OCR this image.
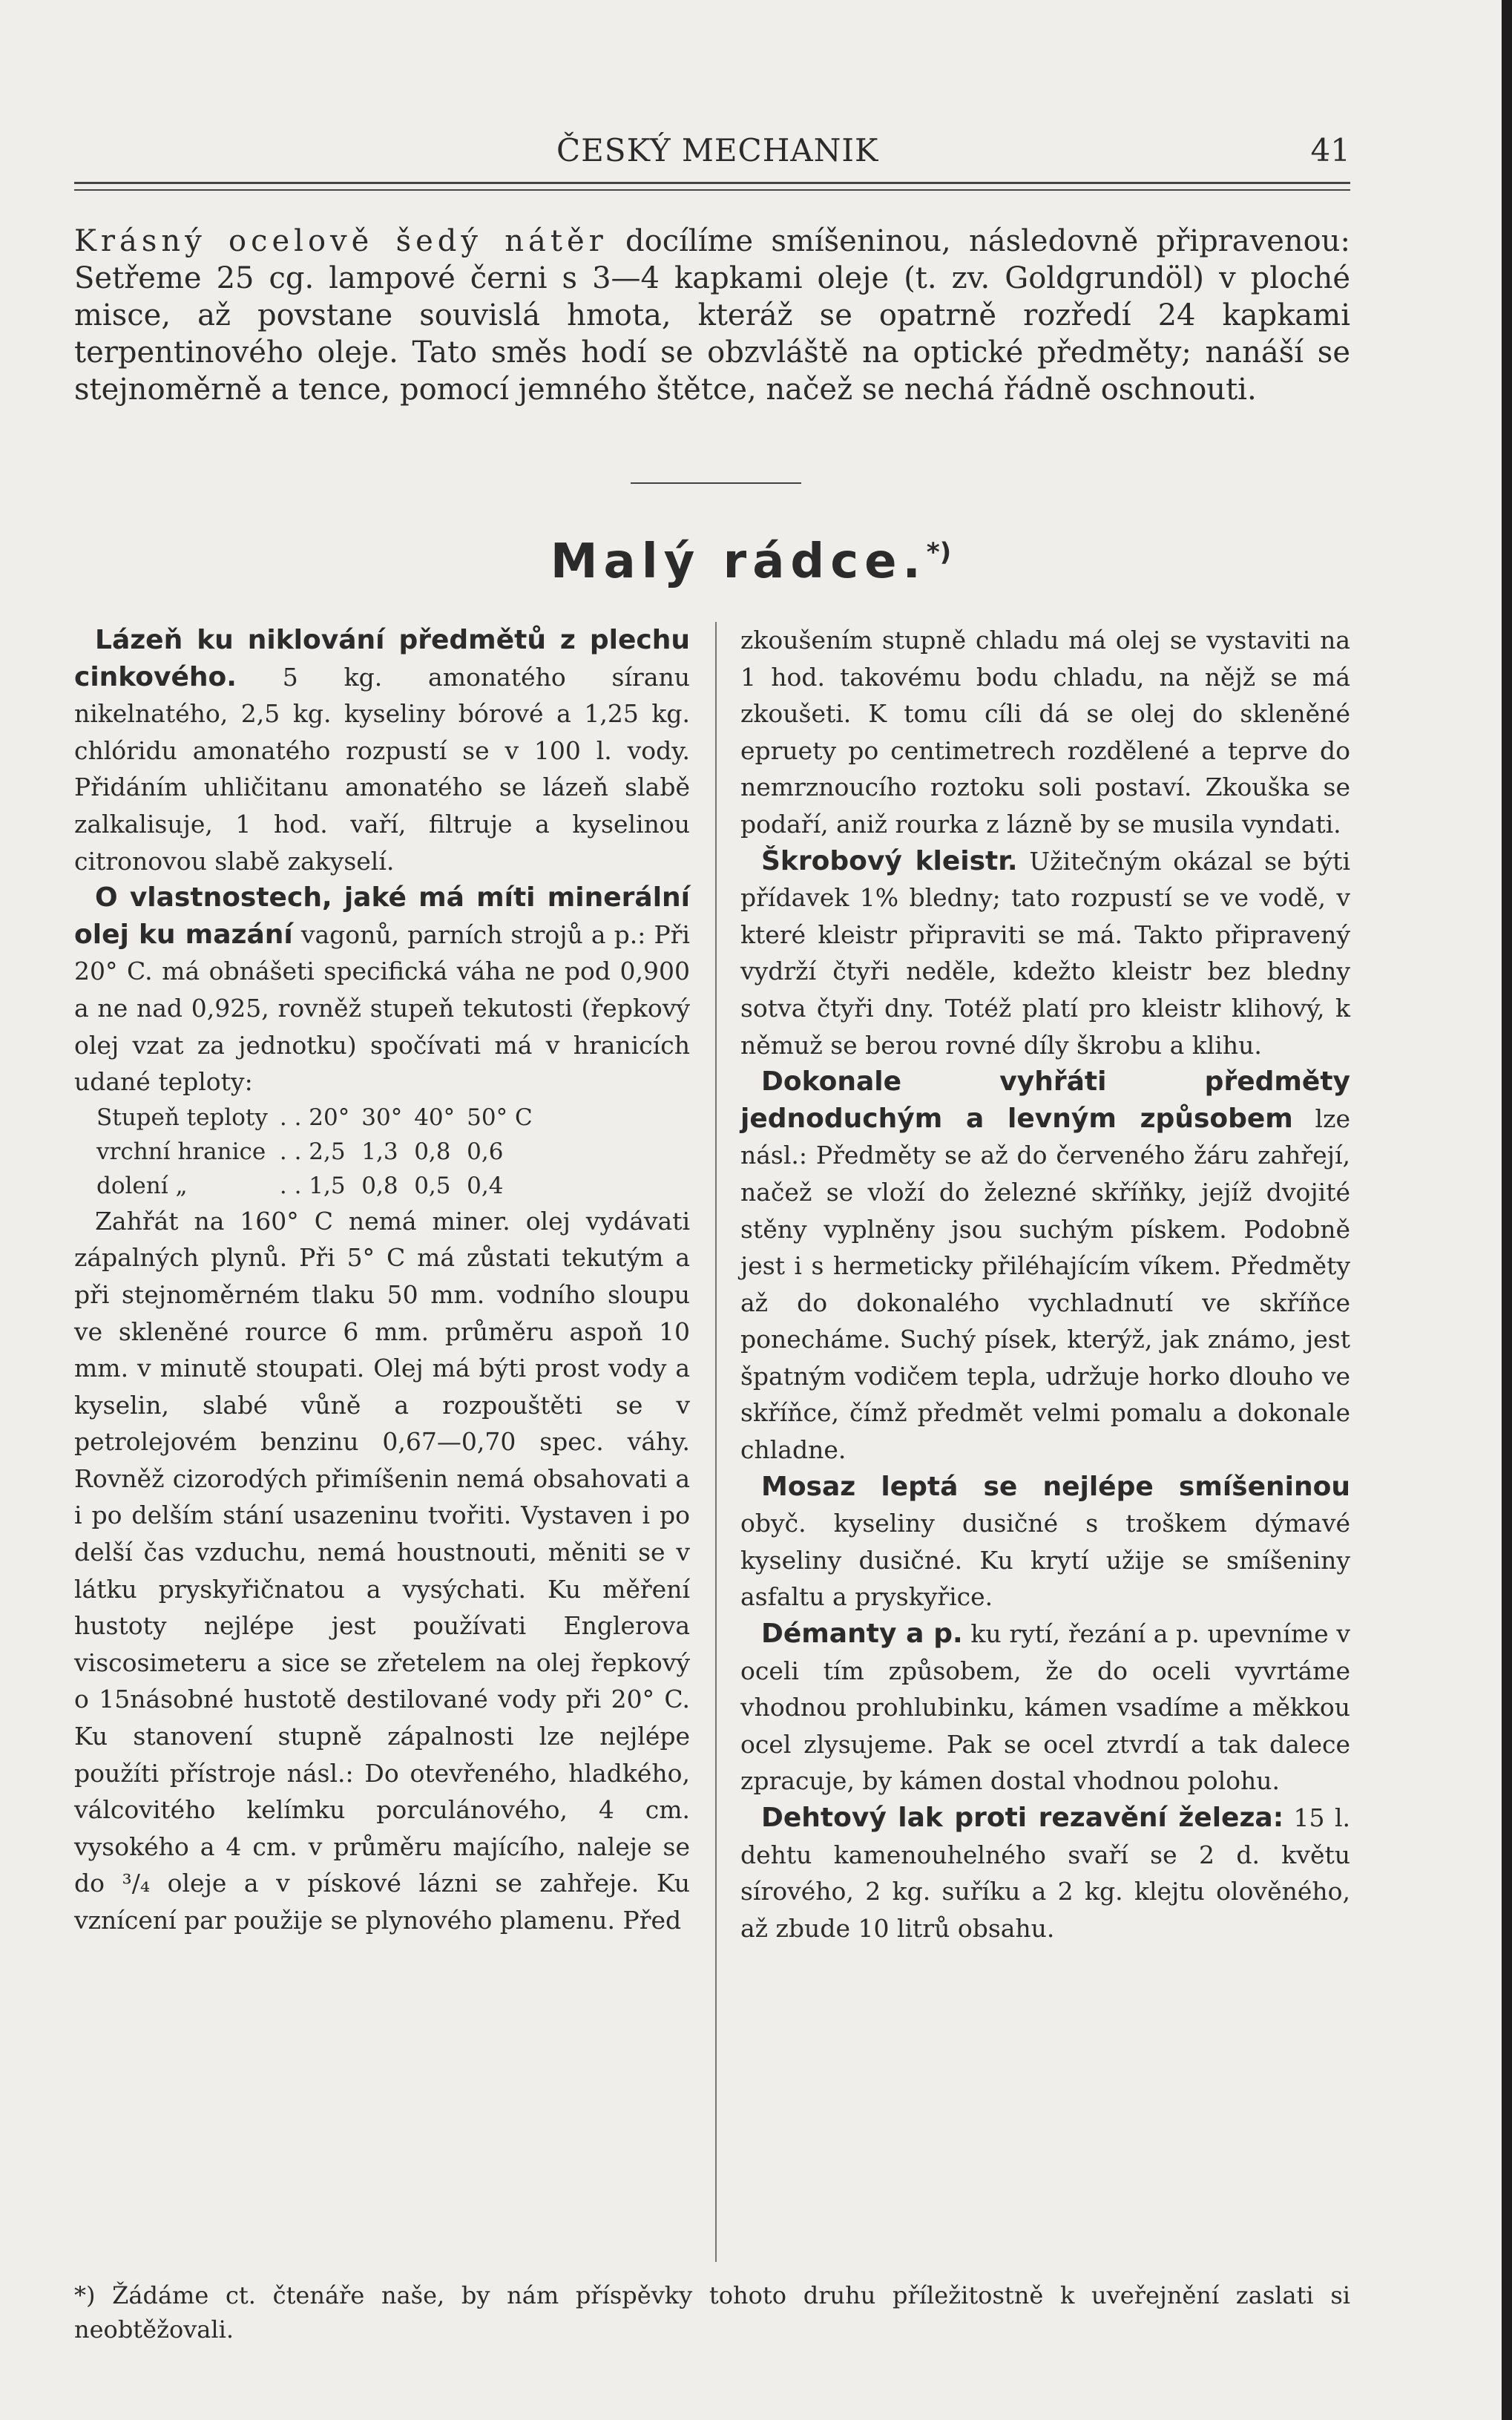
ČESKÝ MECHANIK	41
Krásný ocelově šedý nátěr docílíme smíšeninou, následovně připravenou: Setřeme 25 cg. lampové černi s 3—4 kapkami oleje (t. zv. Goldgrundöl) v ploché misce, až povstane souvislá hmota, kteráž se opatrně rozředí 24 kapkami terpentinového oleje. Tato směs hodí se obzvláště na optické předměty; nanáší se stejnoměrně a tence, pomocí jemného štětce, načež se nechá řádně oschnouti.
Malý rádce.*)

Lázeň ku niklování předmětů z plechu cinkového. 5 kg. amonatého síranu nikelnatého, 2,5 kg. kyseliny bórové a 1,25 kg. chlóridu amonatého rozpustí se v 100 l. vody. Přidáním uhličitanu amonatého se lázeň slabě zalkalisuje, 1 hod. vaří, filtruje a kyselinou citronovou slabě zakyselí.

O vlastnostech, jaké má míti minerální olej ku mazání vagonů, parních strojů a p.: Při 20° C. má obnášeti specifická váha ne pod 0,900 a ne nad 0,925, rovněž stupeň tekutosti (řepkový olej vzat za jednotku) spočívati má v hranicích udané teploty:

Stupeň teploty	. . 20°	30°	40°	50° C
vrchní hranice	. . 2,5	1,3	0,8	0,6
dolení „	. . 1,5	0,8	0,5	0,4

Zahřát na 160° C nemá miner. olej vydávati zápalných plynů. Při 5° C má zůstati tekutým a při stejnoměrném tlaku 50 mm. vodního sloupu ve skleněné rource 6 mm. průměru aspoň 10 mm. v minutě stoupati. Olej má býti prost vody a kyselin, slabé vůně a rozpouštěti se v petrolejovém benzinu 0,67—0,70 spec. váhy. Rovněž cizorodých přimíšenin nemá obsahovati a i po delším stání usazeninu tvořiti. Vystaven i po delší čas vzduchu, nemá houstnouti, měniti se v látku pryskyřičnatou a vysýchati. Ku měření hustoty nejlépe jest používati Englerova viscosimeteru a sice se zřetelem na olej řepkový o 15násobné hustotě destilované vody při 20° C. Ku stanovení stupně zápalnosti lze nejlépe použíti přístroje násl.: Do otevřeného, hladkého, válcovitého kelímku porculánového, 4 cm. vysokého a 4 cm. v průměru majícího, naleje se do ³/₄ oleje a v pískové lázni se zahřeje. Ku vznícení par použije se plynového plamenu. Před

zkoušením stupně chladu má olej se vystaviti na 1 hod. takovému bodu chladu, na nějž se má zkoušeti. K tomu cíli dá se olej do skleněné epruety po centimetrech rozdělené a teprve do nemrznoucího roztoku soli postaví. Zkouška se podaří, aniž rourka z lázně by se musila vyndati.

Škrobový kleistr. Užitečným okázal se býti přídavek 1% bledny; tato rozpustí se ve vodě, v které kleistr připraviti se má. Takto připravený vydrží čtyři neděle, kdežto kleistr bez bledny sotva čtyři dny. Totéž platí pro kleistr klihový, k němuž se berou rovné díly škrobu a klihu.

Dokonale vyhřáti předměty jednoduchým a levným způsobem lze násl.: Předměty se až do červeného žáru zahřejí, načež se vloží do železné skříňky, jejíž dvojité stěny vyplněny jsou suchým pískem. Podobně jest i s hermeticky přiléhajícím víkem. Předměty až do dokonalého vychladnutí ve skříňce ponecháme. Suchý písek, kterýž, jak známo, jest špatným vodičem tepla, udržuje horko dlouho ve skříňce, čímž předmět velmi pomalu a dokonale chladne.

Mosaz leptá se nejlépe smíšeninou obyč. kyseliny dusičné s troškem dýmavé kyseliny dusičné. Ku krytí užije se smíšeniny asfaltu a pryskyřice.

Démanty a p. ku rytí, řezání a p. upevníme v oceli tím způsobem, že do oceli vyvrtáme vhodnou prohlubinku, kámen vsadíme a měkkou ocel zlysujeme. Pak se ocel ztvrdí a tak dalece zpracuje, by kámen dostal vhodnou polohu.

Dehtový lak proti rezavění železa: 15 l. dehtu kamenouhelného svaří se 2 d. květu sírového, 2 kg. suříku a 2 kg. klejtu olověného, až zbude 10 litrů obsahu.

*) Žádáme ct. čtenáře naše, by nám příspěvky tohoto druhu příležitostně k uveřejnění zaslati si neobtěžovali.
